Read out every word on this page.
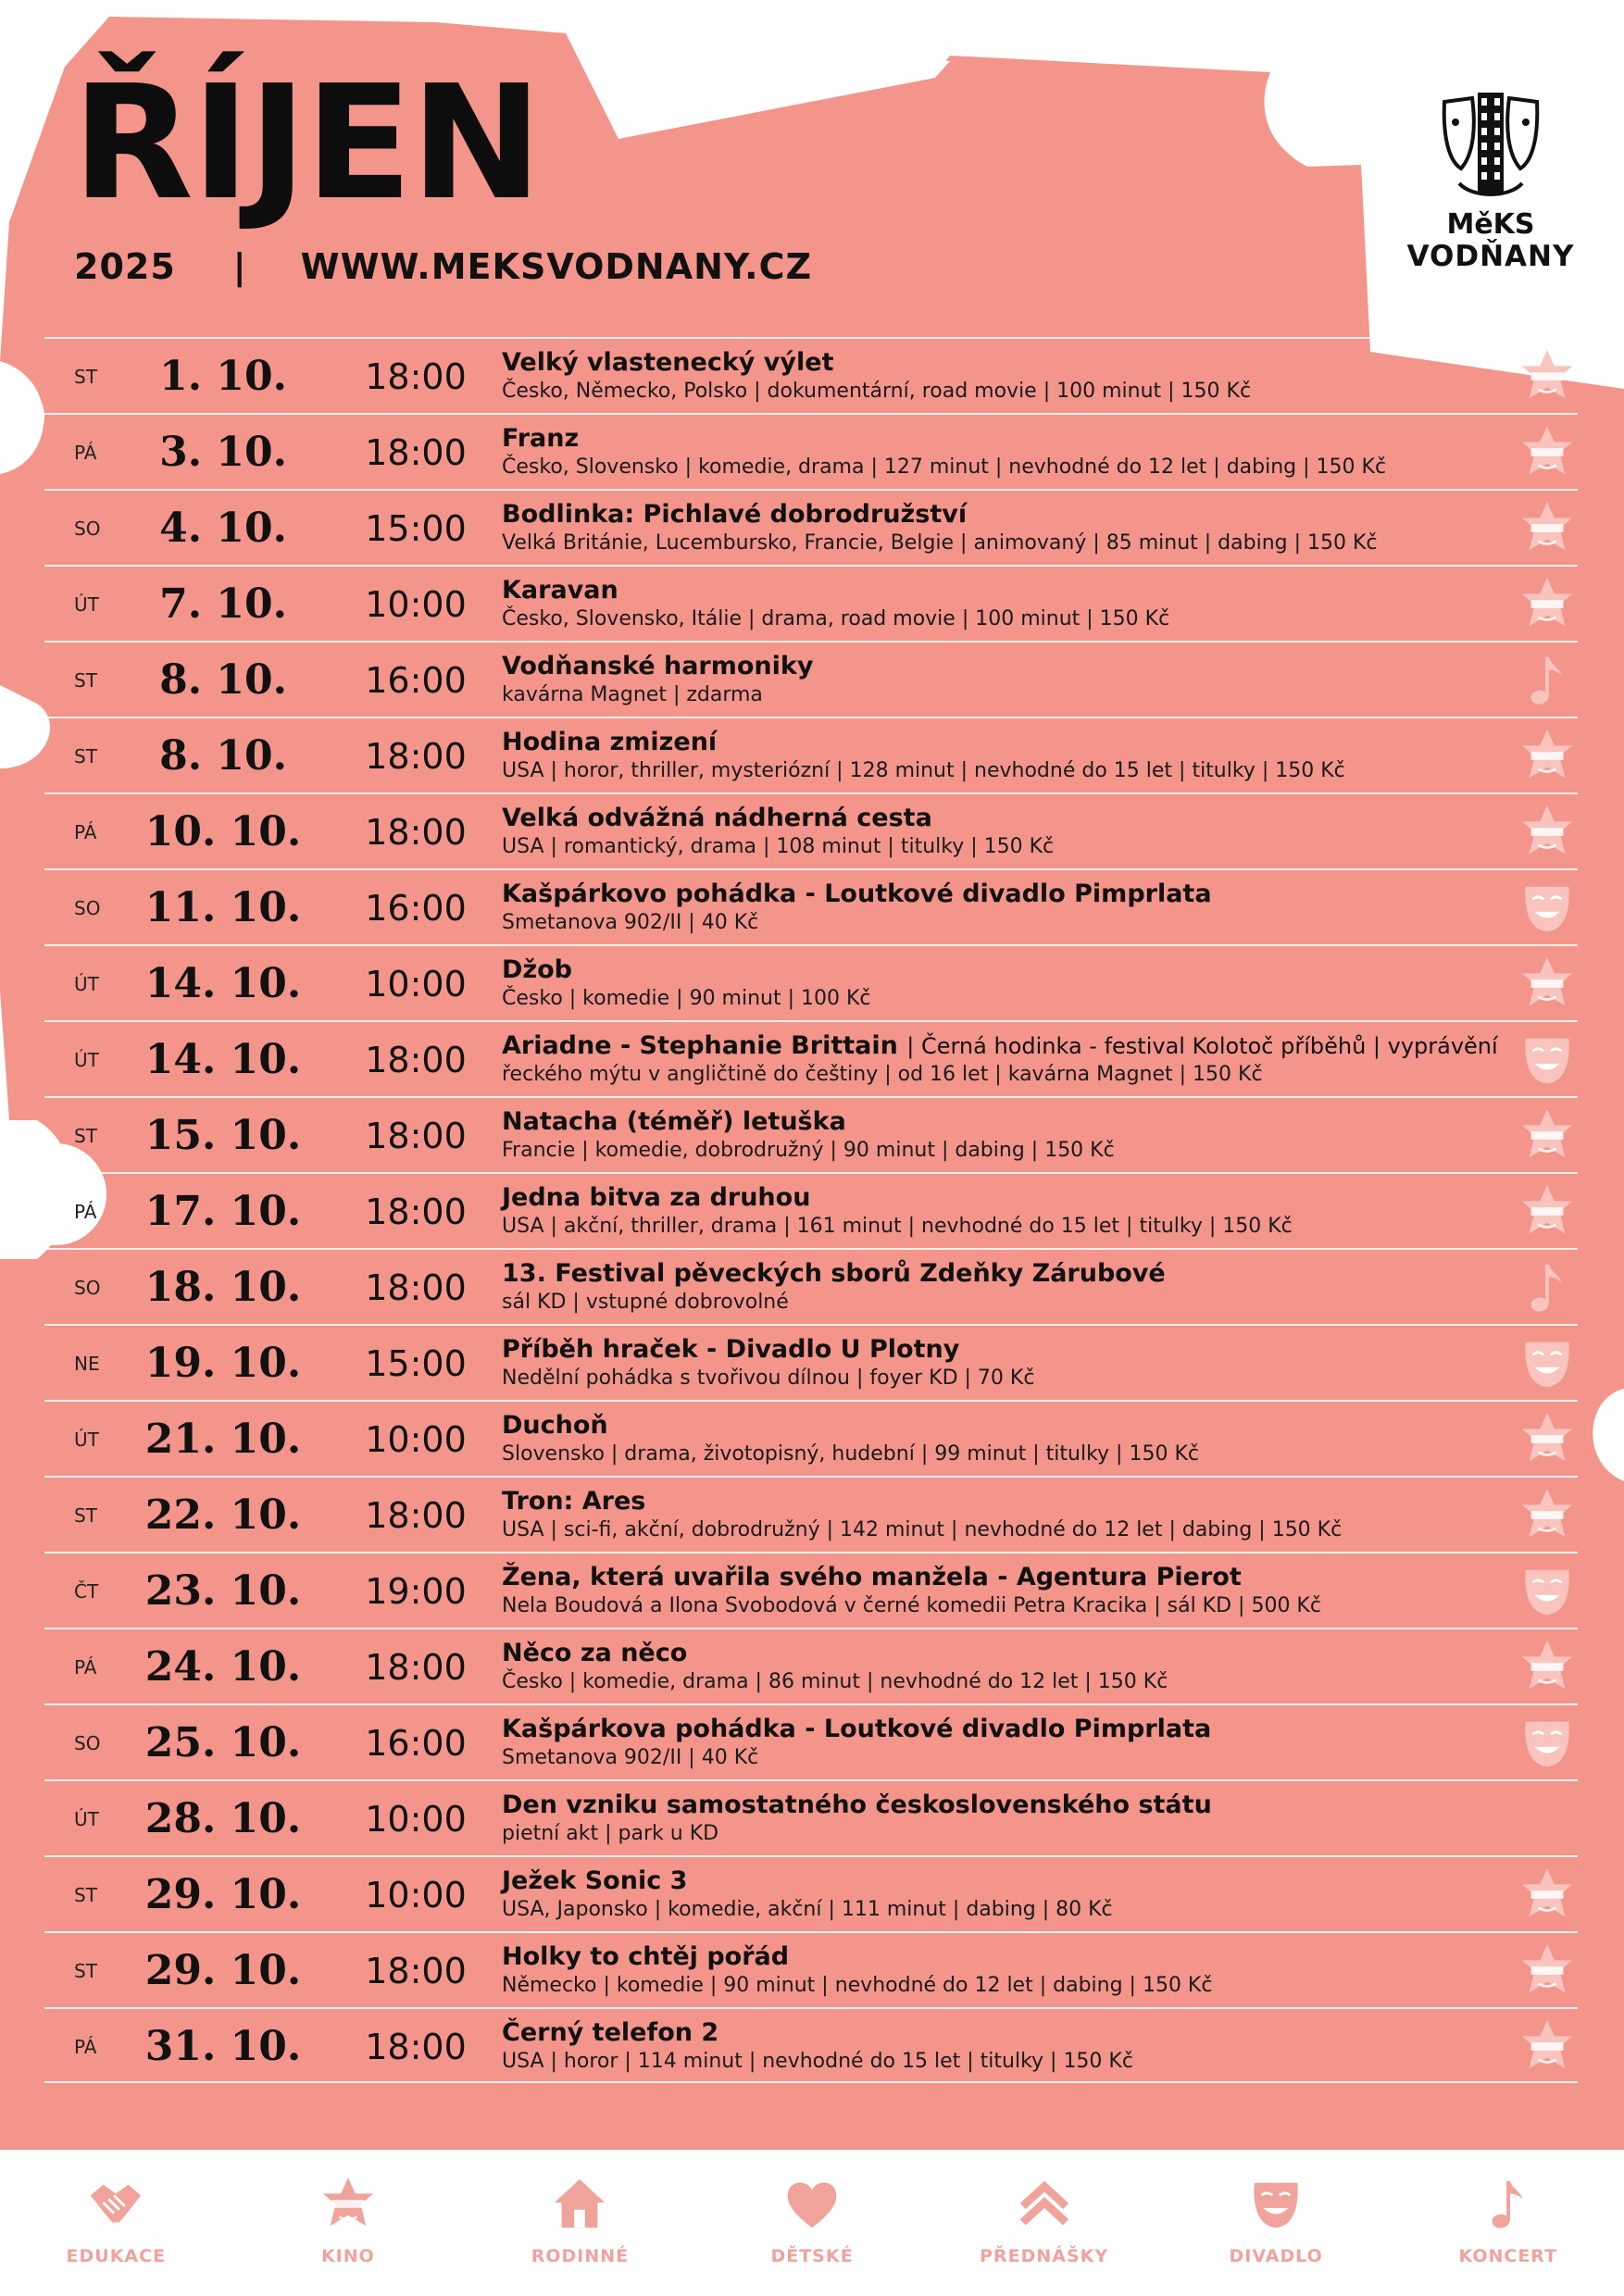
ŘÍJEN
2025 | WWW.MEKSVODNANY.CZ
MěKS
VODŇANY
ST	1. 10.	18:00	Velký vlastenecký výlet
Česko, Německo, Polsko | dokumentární, road movie | 100 minut | 150 Kč
PÁ	3. 10.	18:00	Franz
Česko, Slovensko | komedie, drama | 127 minut | nevhodné do 12 let | dabing | 150 Kč
SO	4. 10.	15:00	Bodlinka: Pichlavé dobrodružství
Velká Británie, Lucembursko, Francie, Belgie | animovaný | 85 minut | dabing | 150 Kč
ÚT	7. 10.	10:00	Karavan
Česko, Slovensko, Itálie | drama, road movie | 100 minut | 150 Kč
ST	8. 10.	16:00	Vodňanské harmoniky
kavárna Magnet | zdarma
ST	8. 10.	18:00	Hodina zmizení
USA | horor, thriller, mysteriózní | 128 minut | nevhodné do 15 let | titulky | 150 Kč
PÁ	10. 10.	18:00	Velká odvážná nádherná cesta
USA | romantický, drama | 108 minut | titulky | 150 Kč
SO	11. 10.	16:00	Kašpárkovo pohádka - Loutkové divadlo Pimprlata
Smetanova 902/II | 40 Kč
ÚT	14. 10.	10:00	Džob
Česko | komedie | 90 minut | 100 Kč
ÚT	14. 10.	18:00	Ariadne - Stephanie Brittain | Černá hodinka - festival Kolotoč příběhů | vyprávění
řeckého mýtu v angličtině do češtiny | od 16 let | kavárna Magnet | 150 Kč
ST	15. 10.	18:00	Natacha (téměř) letuška
Francie | komedie, dobrodružný | 90 minut | dabing | 150 Kč
PÁ	17. 10.	18:00	Jedna bitva za druhou
USA | akční, thriller, drama | 161 minut | nevhodné do 15 let | titulky | 150 Kč
SO	18. 10.	18:00	13. Festival pěveckých sborů Zdeňky Zárubové
sál KD | vstupné dobrovolné
NE	19. 10.	15:00	Příběh hraček - Divadlo U Plotny
Nedělní pohádka s tvořivou dílnou | foyer KD | 70 Kč
ÚT	21. 10.	10:00	Duchoň
Slovensko | drama, životopisný, hudební | 99 minut | titulky | 150 Kč
ST	22. 10.	18:00	Tron: Ares
USA | sci-fi, akční, dobrodružný | 142 minut | nevhodné do 12 let | dabing | 150 Kč
ČT	23. 10.	19:00	Žena, která uvařila svého manžela - Agentura Pierot
Nela Boudová a Ilona Svobodová v černé komedii Petra Kracika | sál KD | 500 Kč
PÁ	24. 10.	18:00	Něco za něco
Česko | komedie, drama | 86 minut | nevhodné do 12 let | 150 Kč
SO	25. 10.	16:00	Kašpárkova pohádka - Loutkové divadlo Pimprlata
Smetanova 902/II | 40 Kč
ÚT	28. 10.	10:00	Den vzniku samostatného československého státu
pietní akt | park u KD
ST	29. 10.	10:00	Ježek Sonic 3
USA, Japonsko | komedie, akční | 111 minut | dabing | 80 Kč
ST	29. 10.	18:00	Holky to chtěj pořád
Německo | komedie | 90 minut | nevhodné do 12 let | dabing | 150 Kč
PÁ	31. 10.	18:00	Černý telefon 2
USA | horor | 114 minut | nevhodné do 15 let | titulky | 150 Kč
EDUKACE	KINO	RODINNÉ	DĚTSKÉ	PŘEDNÁŠKY	DIVADLO	KONCERT
